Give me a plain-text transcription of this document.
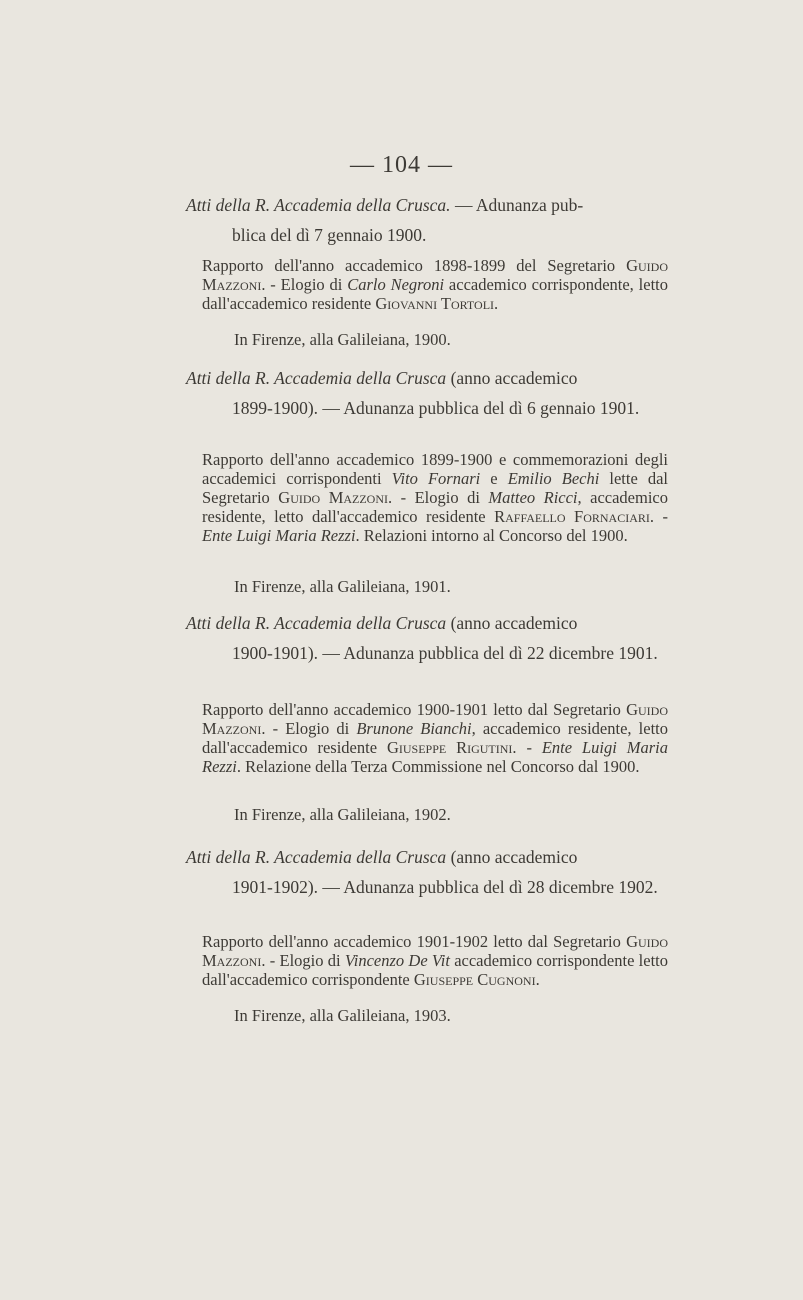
— 104 —
Atti della R. Accademia della Crusca. — Adunanza pub-
blica del dì 7 gennaio 1900.
Rapporto dell'anno accademico 1898-1899 del Segretario Guido Mazzoni. - Elogio di Carlo Negroni accademico corrispondente, letto dall'accademico residente Giovanni Tortoli.
In Firenze, alla Galileiana, 1900.
Atti della R. Accademia della Crusca (anno accademico
1899-1900). — Adunanza pubblica del dì 6 gennaio 1901.
Rapporto dell'anno accademico 1899-1900 e commemorazioni degli accademici corrispondenti Vito Fornari e Emilio Bechi lette dal Segretario Guido Mazzoni. - Elogio di Matteo Ricci, accademico residente, letto dall'accademico residente Raffaello Fornaciari. - Ente Luigi Maria Rezzi. Relazioni intorno al Concorso del 1900.
In Firenze, alla Galileiana, 1901.
Atti della R. Accademia della Crusca (anno accademico
1900-1901). — Adunanza pubblica del dì 22 dicembre 1901.
Rapporto dell'anno accademico 1900-1901 letto dal Segretario Guido Mazzoni. - Elogio di Brunone Bianchi, accademico residente, letto dall'accademico residente Giuseppe Rigutini. - Ente Luigi Maria Rezzi. Relazione della Terza Commissione nel Concorso dal 1900.
In Firenze, alla Galileiana, 1902.
Atti della R. Accademia della Crusca (anno accademico
1901-1902). — Adunanza pubblica del dì 28 dicembre 1902.
Rapporto dell'anno accademico 1901-1902 letto dal Segretario Guido Mazzoni. - Elogio di Vincenzo De Vit accademico corrispondente letto dall'accademico corrispondente Giuseppe Cugnoni.
In Firenze, alla Galileiana, 1903.
